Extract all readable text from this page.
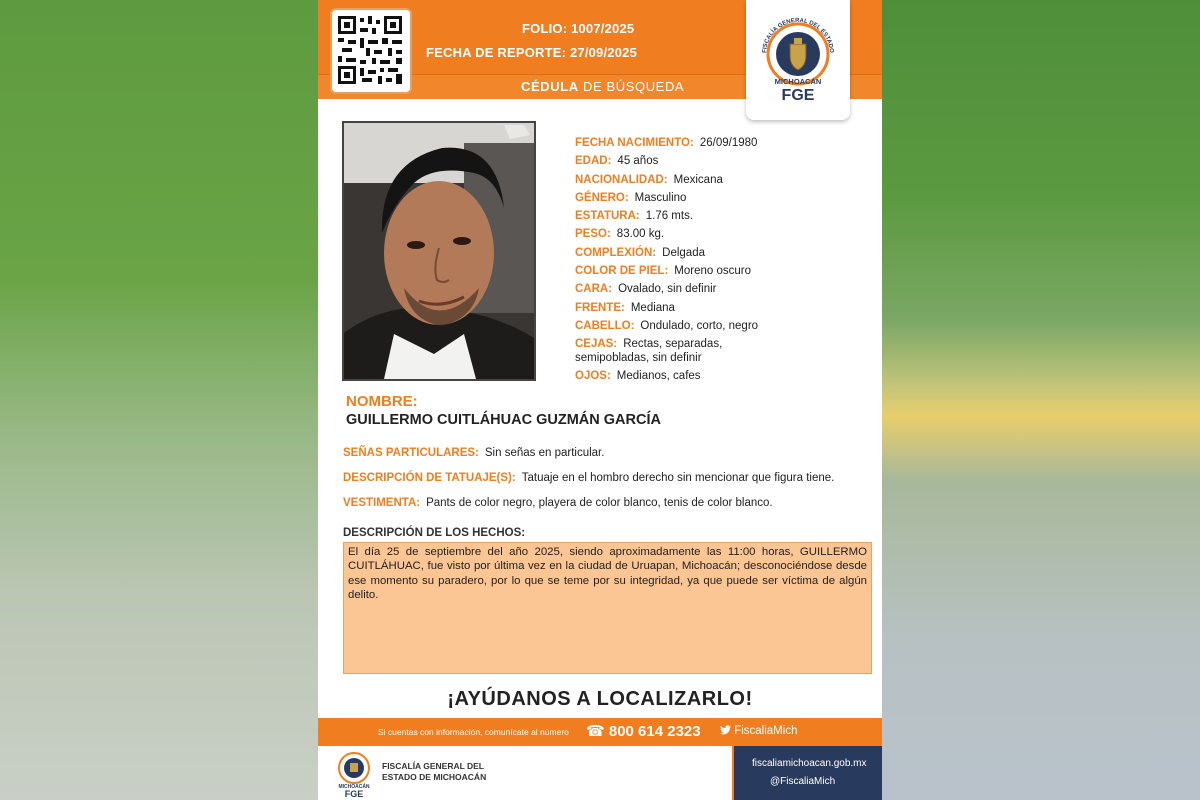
FOLIO: 1007/2025
FECHA DE REPORTE: 27/09/2025
CÉDULA DE BÚSQUEDA
FISCALÍA GENERAL DEL ESTADO
MICHOACÁN
FGE
FECHA NACIMIENTO: 26/09/1980
EDAD: 45 años
NACIONALIDAD: Mexicana
GÉNERO: Masculino
ESTATURA: 1.76 mts.
PESO: 83.00 kg.
COMPLEXIÓN: Delgada
COLOR DE PIEL: Moreno oscuro
CARA: Ovalado, sin definir
FRENTE: Mediana
CABELLO: Ondulado, corto, negro
CEJAS: Rectas, separadas,
semipobladas, sin definir
OJOS: Medianos, cafes
NOMBRE:
GUILLERMO CUITLÁHUAC GUZMÁN GARCÍA
SEÑAS PARTICULARES: Sin señas en particular.
DESCRIPCIÓN DE TATUAJE(S): Tatuaje en el hombro derecho sin mencionar que figura tiene.
VESTIMENTA: Pants de color negro, playera de color blanco, tenis de color blanco.
DESCRIPCIÓN DE LOS HECHOS:
El día 25 de septiembre del año 2025, siendo aproximadamente las 11:00 horas, GUILLERMO CUITLÁHUAC, fue visto por última vez en la ciudad de Uruapan, Michoacán; desconociéndose desde ese momento su paradero, por lo que se teme por su integridad, ya que puede ser víctima de algún delito.
¡AYÚDANOS A LOCALIZARLO!
Si cuentas con información, comunícate al número ☎ 800 614 2323	FiscaliaMich
MICHOACÁN
FGE
FISCALÍA GENERAL DEL
ESTADO DE MICHOACÁN
fiscaliamichoacan.gob.mx
@FiscaliaMich
